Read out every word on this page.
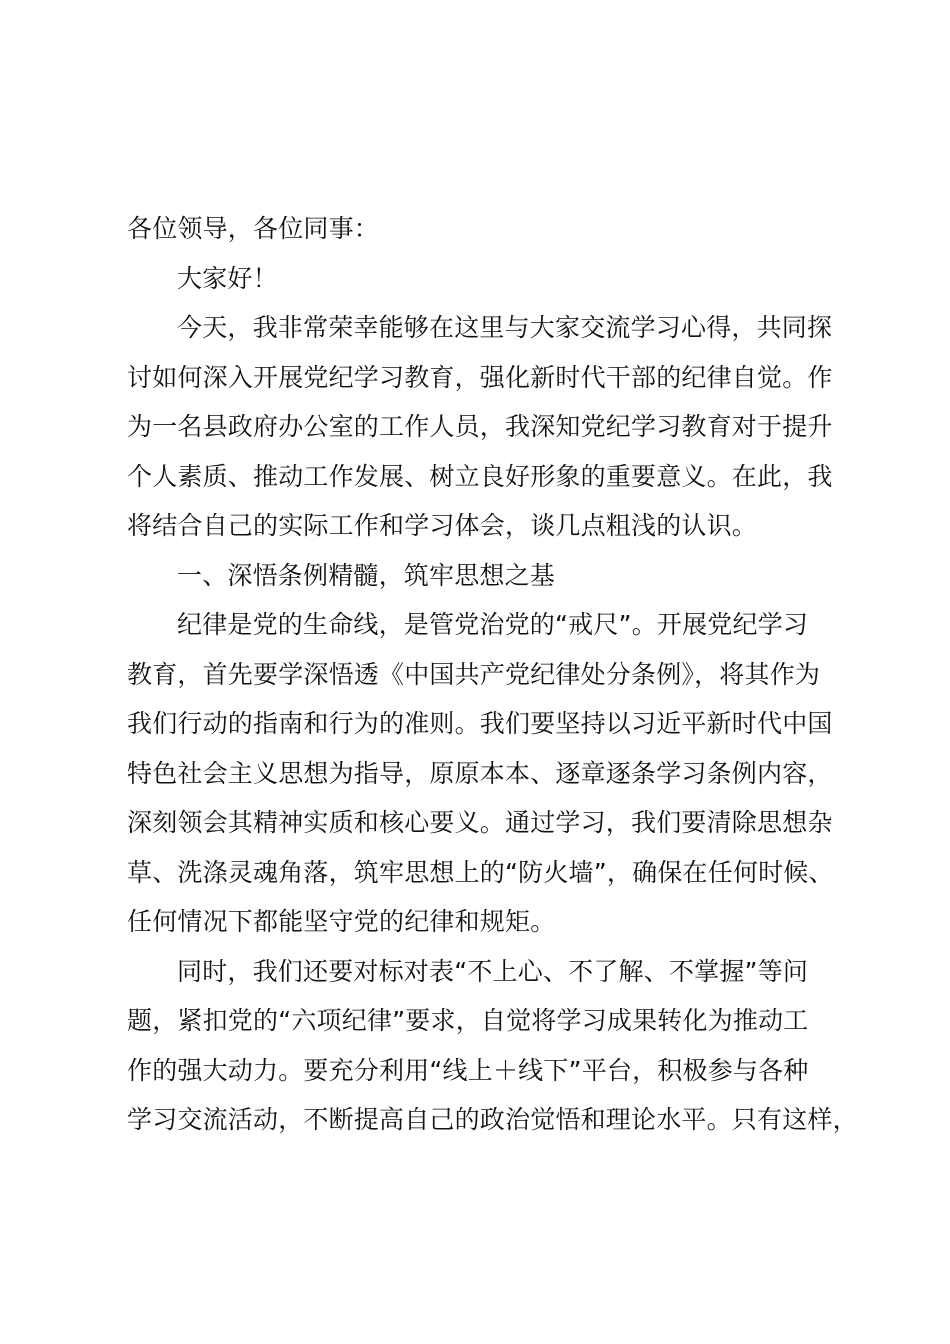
各位领导，各位同事：
大家好！
今天，我非常荣幸能够在这里与大家交流学习心得，共同探
讨如何深入开展党纪学习教育，强化新时代干部的纪律自觉。作
为一名县政府办公室的工作人员，我深知党纪学习教育对于提升
个人素质、推动工作发展、树立良好形象的重要意义。在此，我
将结合自己的实际工作和学习体会，谈几点粗浅的认识。
一、深悟条例精髓，筑牢思想之基
纪律是党的生命线，是管党治党的“戒尺”。开展党纪学习
教育，首先要学深悟透《中国共产党纪律处分条例》，将其作为
我们行动的指南和行为的准则。我们要坚持以习近平新时代中国
特色社会主义思想为指导，原原本本、逐章逐条学习条例内容，
深刻领会其精神实质和核心要义。通过学习，我们要清除思想杂
草、洗涤灵魂角落，筑牢思想上的“防火墙”，确保在任何时候、
任何情况下都能坚守党的纪律和规矩。
同时，我们还要对标对表“不上心、不了解、不掌握”等问
题，紧扣党的“六项纪律”要求，自觉将学习成果转化为推动工
作的强大动力。要充分利用“线上＋线下”平台，积极参与各种
学习交流活动，不断提高自己的政治觉悟和理论水平。只有这样，
